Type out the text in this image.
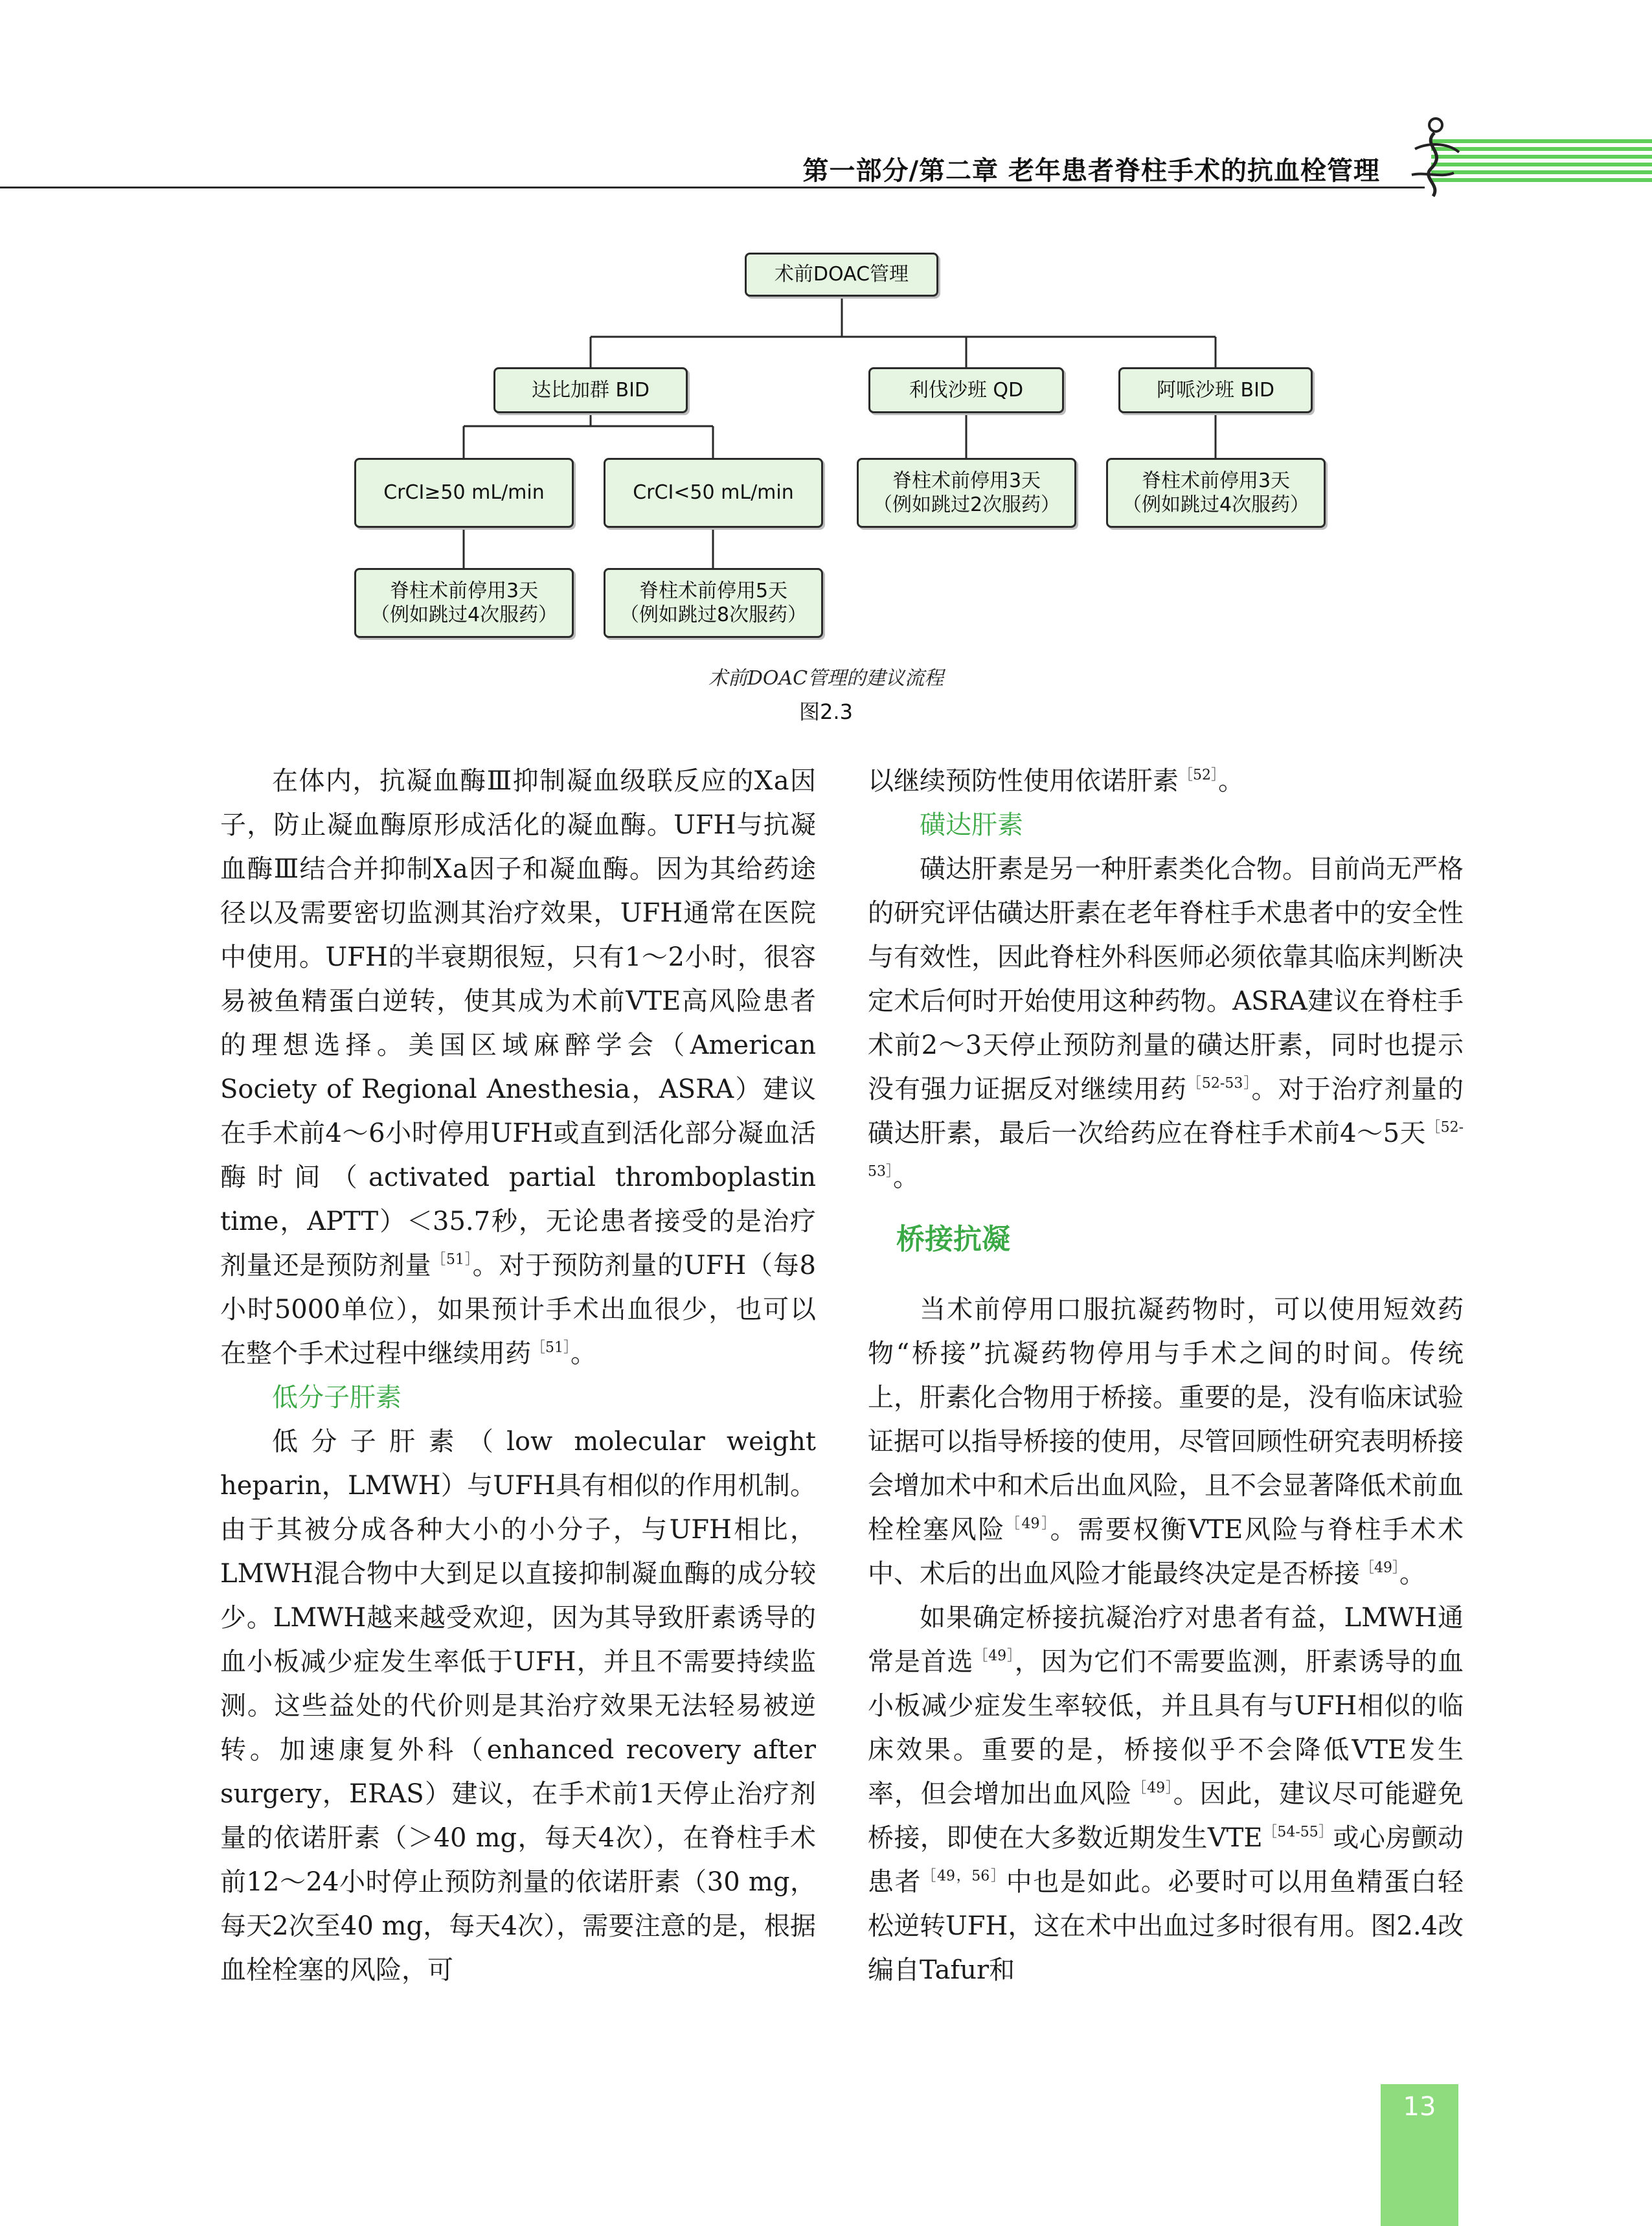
第一部分/第二章 老年患者脊柱手术的抗血栓管理
术前DOAC管理
达比加群 BID	利伐沙班 QD	阿哌沙班 BID
CrCI≥50 mL/min	CrCI<50 mL/min
脊柱术前停用3天
（例如跳过2次服药）
脊柱术前停用3天
（例如跳过4次服药）
脊柱术前停用3天
（例如跳过4次服药）
脊柱术前停用5天
（例如跳过8次服药）
术前DOAC管理的建议流程
图2.3

在体内，抗凝血酶Ⅲ抑制凝血级联反应的Ⅹa因子，防止凝血酶原形成活化的凝血酶。UFH与抗凝血酶Ⅲ结合并抑制Ⅹa因子和凝血酶。因为其给药途径以及需要密切监测其治疗效果，UFH通常在医院中使用。UFH的半衰期很短，只有1～2小时，很容易被鱼精蛋白逆转，使其成为术前VTE高风险患者的理想选择。美国区域麻醉学会（American Society of Regional Anesthesia，ASRA）建议在手术前4～6小时停用UFH或直到活化部分凝血活酶时间（activated partial thromboplastin time，APTT）＜35.7秒，无论患者接受的是治疗剂量还是预防剂量$^{[51]}$。对于预防剂量的UFH（每8小时5000单位），如果预计手术出血很少，也可以在整个手术过程中继续用药$^{[51]}$。

低分子肝素

低分子肝素（low molecular weight heparin，LMWH）与UFH具有相似的作用机制。由于其被分成各种大小的小分子，与UFH相比，LMWH混合物中大到足以直接抑制凝血酶的成分较少。LMWH越来越受欢迎，因为其导致肝素诱导的血小板减少症发生率低于UFH，并且不需要持续监测。这些益处的代价则是其治疗效果无法轻易被逆转。加速康复外科（enhanced recovery after surgery，ERAS）建议，在手术前1天停止治疗剂量的依诺肝素（＞40 mg，每天4次），在脊柱手术前12～24小时停止预防剂量的依诺肝素（30 mg，每天2次至40 mg，每天4次），需要注意的是，根据血栓栓塞的风险，可

以继续预防性使用依诺肝素$^{[52]}$。

磺达肝素

磺达肝素是另一种肝素类化合物。目前尚无严格的研究评估磺达肝素在老年脊柱手术患者中的安全性与有效性，因此脊柱外科医师必须依靠其临床判断决定术后何时开始使用这种药物。ASRA建议在脊柱手术前2～3天停止预防剂量的磺达肝素，同时也提示没有强力证据反对继续用药$^{[52-53]}$。对于治疗剂量的磺达肝素，最后一次给药应在脊柱手术前4～5天$^{[52-53]}$。

桥接抗凝

当术前停用口服抗凝药物时，可以使用短效药物“桥接”抗凝药物停用与手术之间的时间。传统上，肝素化合物用于桥接。重要的是，没有临床试验证据可以指导桥接的使用，尽管回顾性研究表明桥接会增加术中和术后出血风险，且不会显著降低术前血栓栓塞风险$^{[49]}$。需要权衡VTE风险与脊柱手术术中、术后的出血风险才能最终决定是否桥接$^{[49]}$。

如果确定桥接抗凝治疗对患者有益，LMWH通常是首选$^{[49]}$，因为它们不需要监测，肝素诱导的血小板减少症发生率较低，并且具有与UFH相似的临床效果。重要的是，桥接似乎不会降低VTE发生率，但会增加出血风险$^{[49]}$。因此，建议尽可能避免桥接，即使在大多数近期发生$VTE^{[54-55]}$或心房颤动患者$^{[49,56]}$中也是如此。必要时可以用鱼精蛋白轻松逆转UFH，这在术中出血过多时很有用。图2.4改编自Tafur和

13
